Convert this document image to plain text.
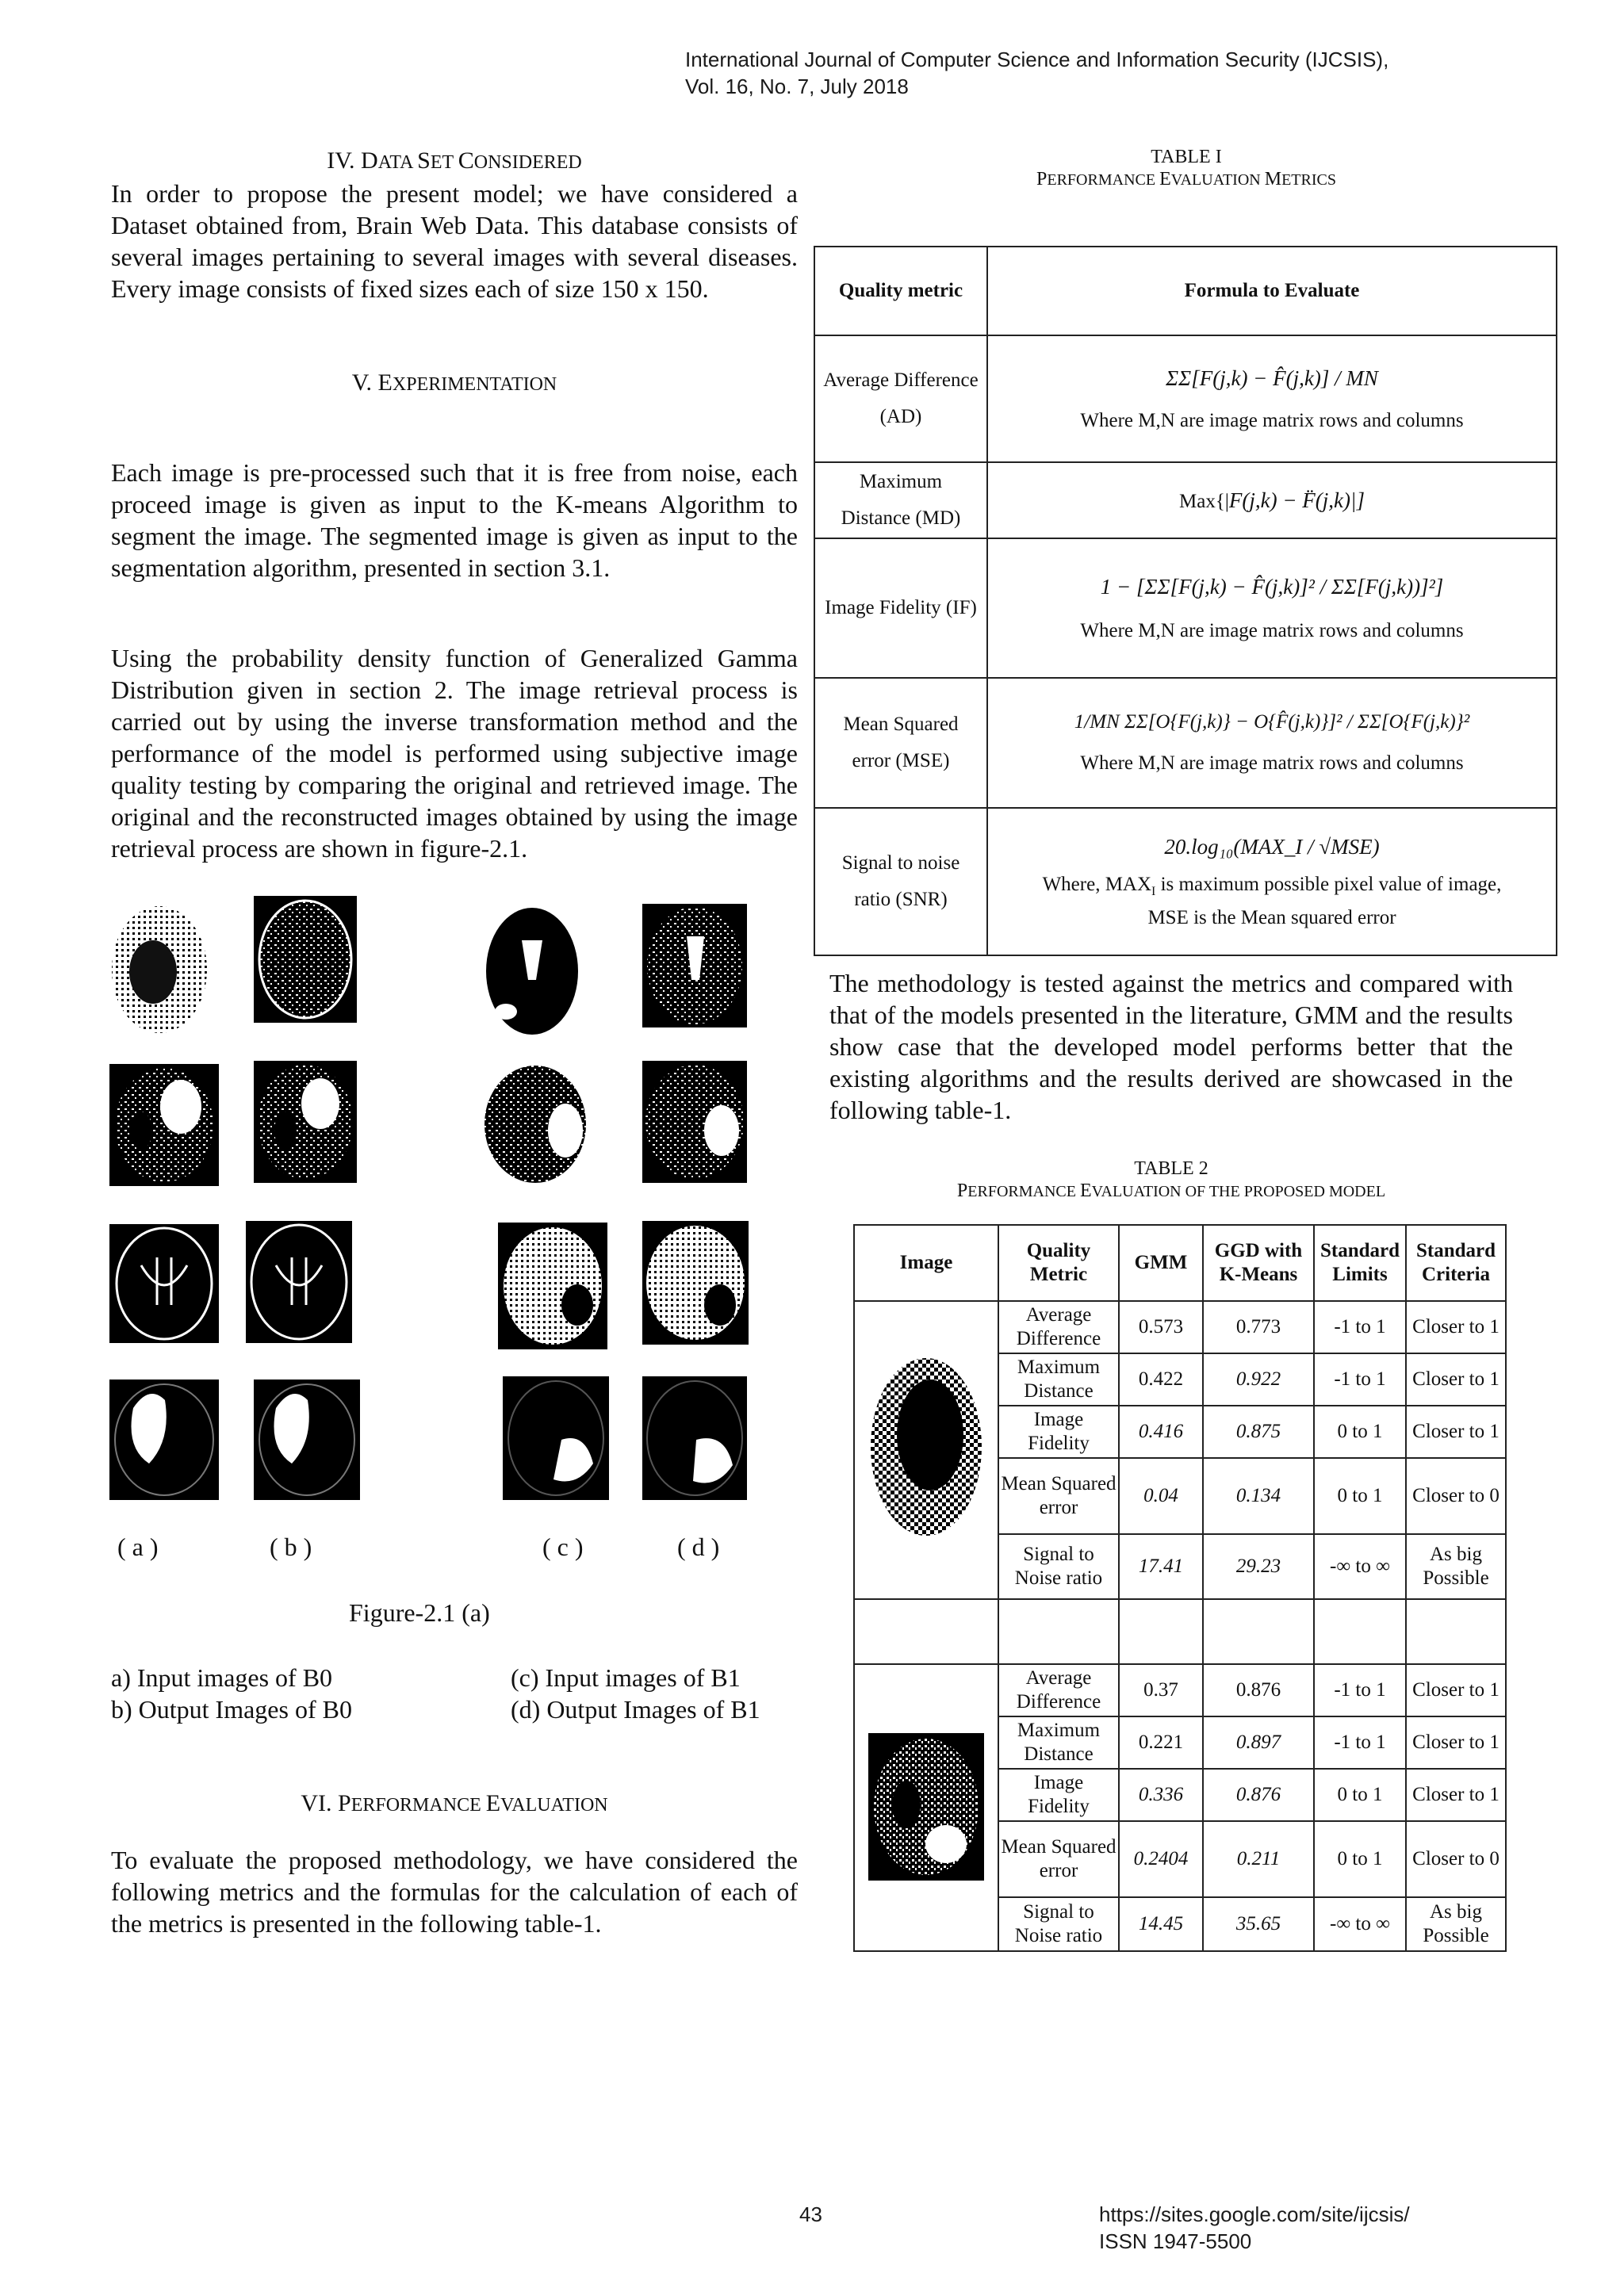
International Journal of Computer Science and Information Security (IJCSIS),
Vol. 16, No. 7, July 2018
IV. DATA SET CONSIDERED
In order to propose the present model; we have considered a Dataset obtained from, Brain Web Data. This database consists of several images pertaining to several images with several diseases. Every image consists of fixed sizes each of size 150 x 150.
V. EXPERIMENTATION
Each image is pre-processed such that it is free from noise, each proceed image is given as input to the K-means Algorithm to segment the image. The segmented image is given as input to the segmentation algorithm, presented in section 3.1.
Using the probability density function of Generalized Gamma Distribution given in section 2. The image retrieval process is carried out by using the inverse transformation method and the performance of the model is performed using subjective image quality testing by comparing the original and retrieved image. The original and the reconstructed images obtained by using the image retrieval process are shown in figure-2.1.
( a )	( b )	( c )	( d )
Figure-2.1 (a)
a) Input images of B0
b) Output Images of B0
(c) Input images of B1
(d) Output Images of B1
VI. PERFORMANCE EVALUATION
To evaluate the proposed methodology, we have considered the following metrics and the formulas for the calculation of each of the metrics is presented in the following table-1.
TABLE I
PERFORMANCE EVALUATION METRICS
Quality metric	Formula to Evaluate
Average Difference (AD)	ΣΣ[F(j,k) − F̂(j,k)] / MN
Where M,N are image matrix rows and columns

Maximum Distance (MD)	Max{|F(j,k) − F̈(j,k)|]
Image Fidelity (IF)	1 − [ΣΣ[F(j,k) − F̂(j,k)]² / ΣΣ[F(j,k))]²]
Where M,N are image matrix rows and columns

Mean Squared error (MSE)	1/MN ΣΣ[O{F(j,k)} − O{F̂(j,k)}]² / ΣΣ[O{F(j,k)}²
Where M,N are image matrix rows and columns

Signal to noise ratio (SNR)	20.log₁₀(MAX_I / √MSE)
Where, $MAX_I$ is maximum possible pixel value of image,
MSE is the Mean squared error
The methodology is tested against the metrics and compared with that of the models presented in the literature, GMM and the results show case that the developed model performs better that the existing algorithms and the results derived are showcased in the following table-1.
TABLE 2
PERFORMANCE EVALUATION OF THE PROPOSED MODEL
Image	Quality Metric	GMM	GGD with K-Means	Standard Limits	Standard Criteria
	Average Difference	0.573	0.773	-1 to 1	Closer to 1
	Maximum Distance	0.422	0.922	-1 to 1	Closer to 1
	Image Fidelity	0.416	0.875	0 to 1	Closer to 1
	Mean Squared error	0.04	0.134	0 to 1	Closer to 0
	Signal to Noise ratio	17.41	29.23	-∞ to ∞	As big Possible

	Average Difference	0.37	0.876	-1 to 1	Closer to 1
	Maximum Distance	0.221	0.897	-1 to 1	Closer to 1
	Image Fidelity	0.336	0.876	0 to 1	Closer to 1
	Mean Squared error	0.2404	0.211	0 to 1	Closer to 0
	Signal to Noise ratio	14.45	35.65	-∞ to ∞	As big Possible
43	https://sites.google.com/site/ijcsis/
ISSN 1947-5500
